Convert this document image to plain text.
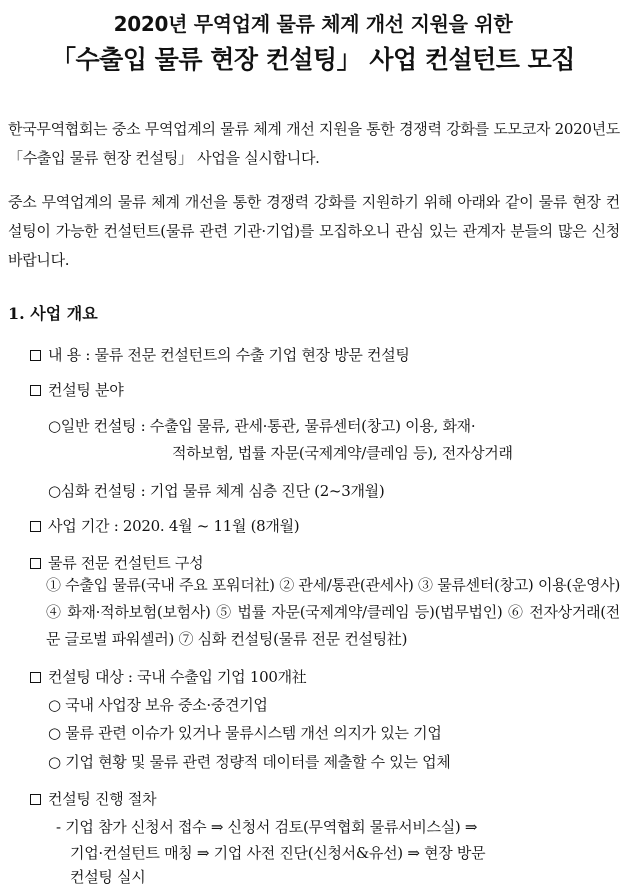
2020년 무역업계 물류 체계 개선 지원을 위한
「수출입 물류 현장 컨설팅」 사업 컨설턴트 모집
한국무역협회는 중소 무역업계의 물류 체계 개선 지원을 통한 경쟁력 강화를 도모코자 2020년도 「수출입 물류 현장 컨설팅」 사업을 실시합니다.
중소 무역업계의 물류 체계 개선을 통한 경쟁력 강화를 지원하기 위해 아래와 같이 물류 현장 컨설팅이 가능한 컨설턴트(물류 관련 기관·기업)를 모집하오니 관심 있는 관계자 분들의 많은 신청 바랍니다.
1. 사업 개요
내 용 : 물류 전문 컨설턴트의 수출 기업 현장 방문 컨설팅
컨설팅 분야
○일반 컨설팅 : 수출입 물류, 관세·통관, 물류센터(창고) 이용, 화재·
적하보험, 법률 자문(국제계약/클레임 등), 전자상거래
○심화 컨설팅 : 기업 물류 체계 심층 진단 (2~3개월)
사업 기간 : 2020. 4월 ~ 11월 (8개월)
물류 전문 컨설턴트 구성
① 수출입 물류(국내 주요 포워더社) ② 관세/통관(관세사) ③ 물류센터(창고) 이용(운영사) ④ 화재·적하보험(보험사) ⑤ 법률 자문(국제계약/클레임 등)(법무법인) ⑥ 전자상거래(전문 글로벌 파워셀러) ⑦ 심화 컨설팅(물류 전문 컨설팅社)
컨설팅 대상 : 국내 수출입 기업 100개社
○ 국내 사업장 보유 중소·중견기업
○ 물류 관련 이슈가 있거나 물류시스템 개선 의지가 있는 기업
○ 기업 현황 및 물류 관련 정량적 데이터를 제출할 수 있는 업체
컨설팅 진행 절차
- 기업 참가 신청서 접수 ⇒ 신청서 검토(무역협회 물류서비스실) ⇒
기업·컨설턴트 매칭 ⇒ 기업 사전 진단(신청서&유선) ⇒ 현장 방문
컨설팅 실시
